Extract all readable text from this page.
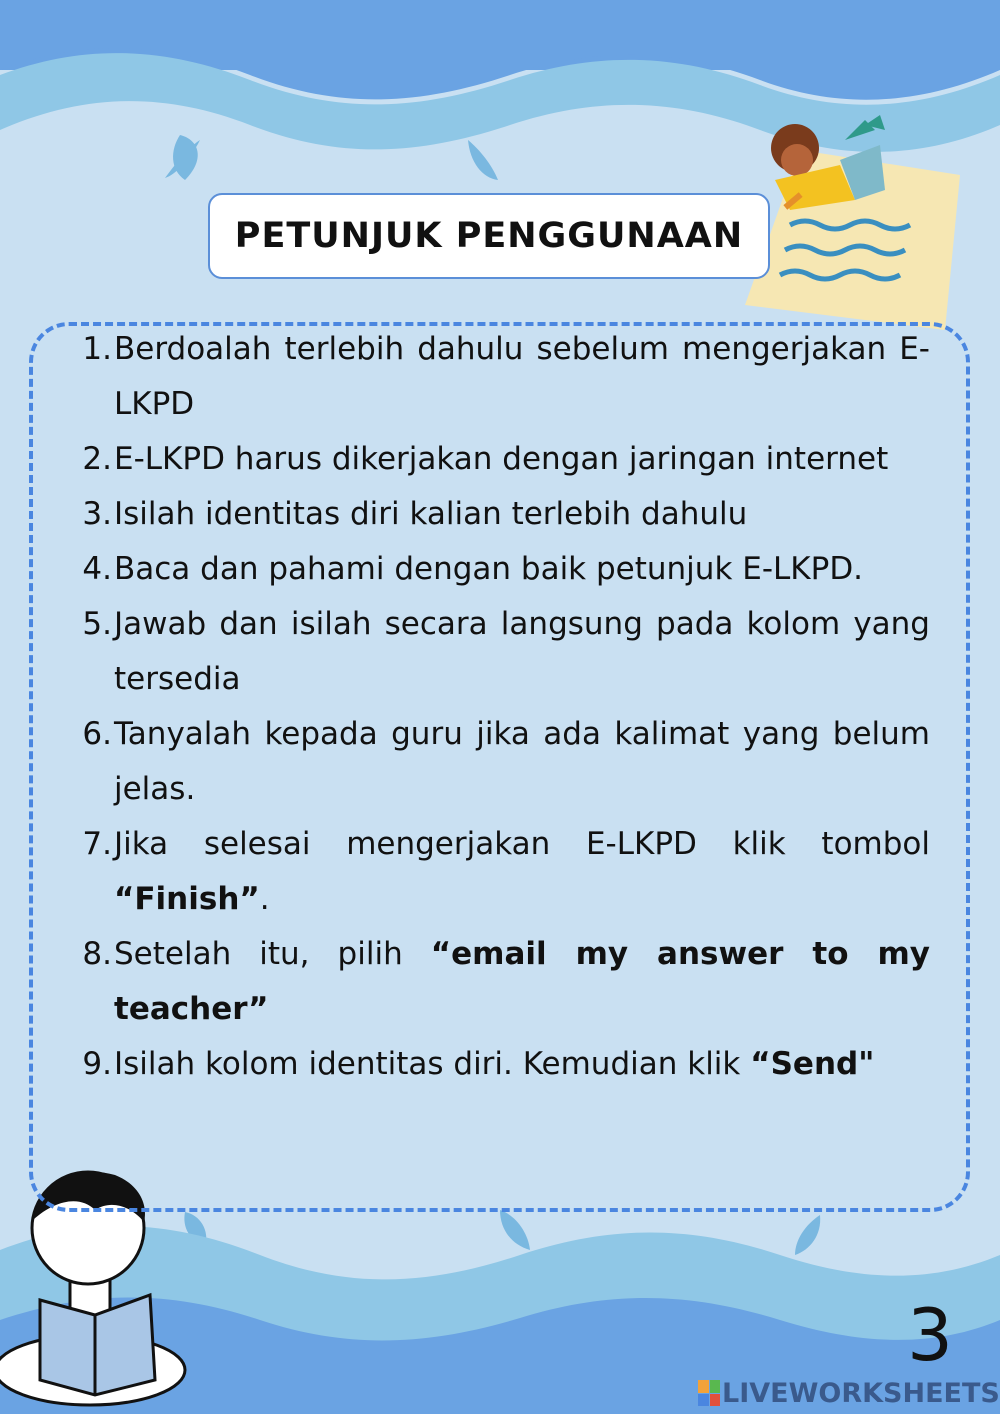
PETUNJUK PENGGUNAAN
1. Berdoalah terlebih dahulu sebelum mengerjakan E-LKPD
2. E-LKPD harus dikerjakan dengan jaringan internet
3. Isilah identitas diri kalian terlebih dahulu
4. Baca dan pahami dengan baik petunjuk E-LKPD.
5. Jawab dan isilah secara langsung pada kolom yang tersedia
6. Tanyalah kepada guru jika ada kalimat yang belum jelas.
7. Jika selesai mengerjakan E-LKPD klik tombol “Finish”.
8. Setelah itu, pilih “email my answer to my teacher”
9. Isilah kolom identitas diri. Kemudian klik “Send"
3
LIVEWORKSHEETS
